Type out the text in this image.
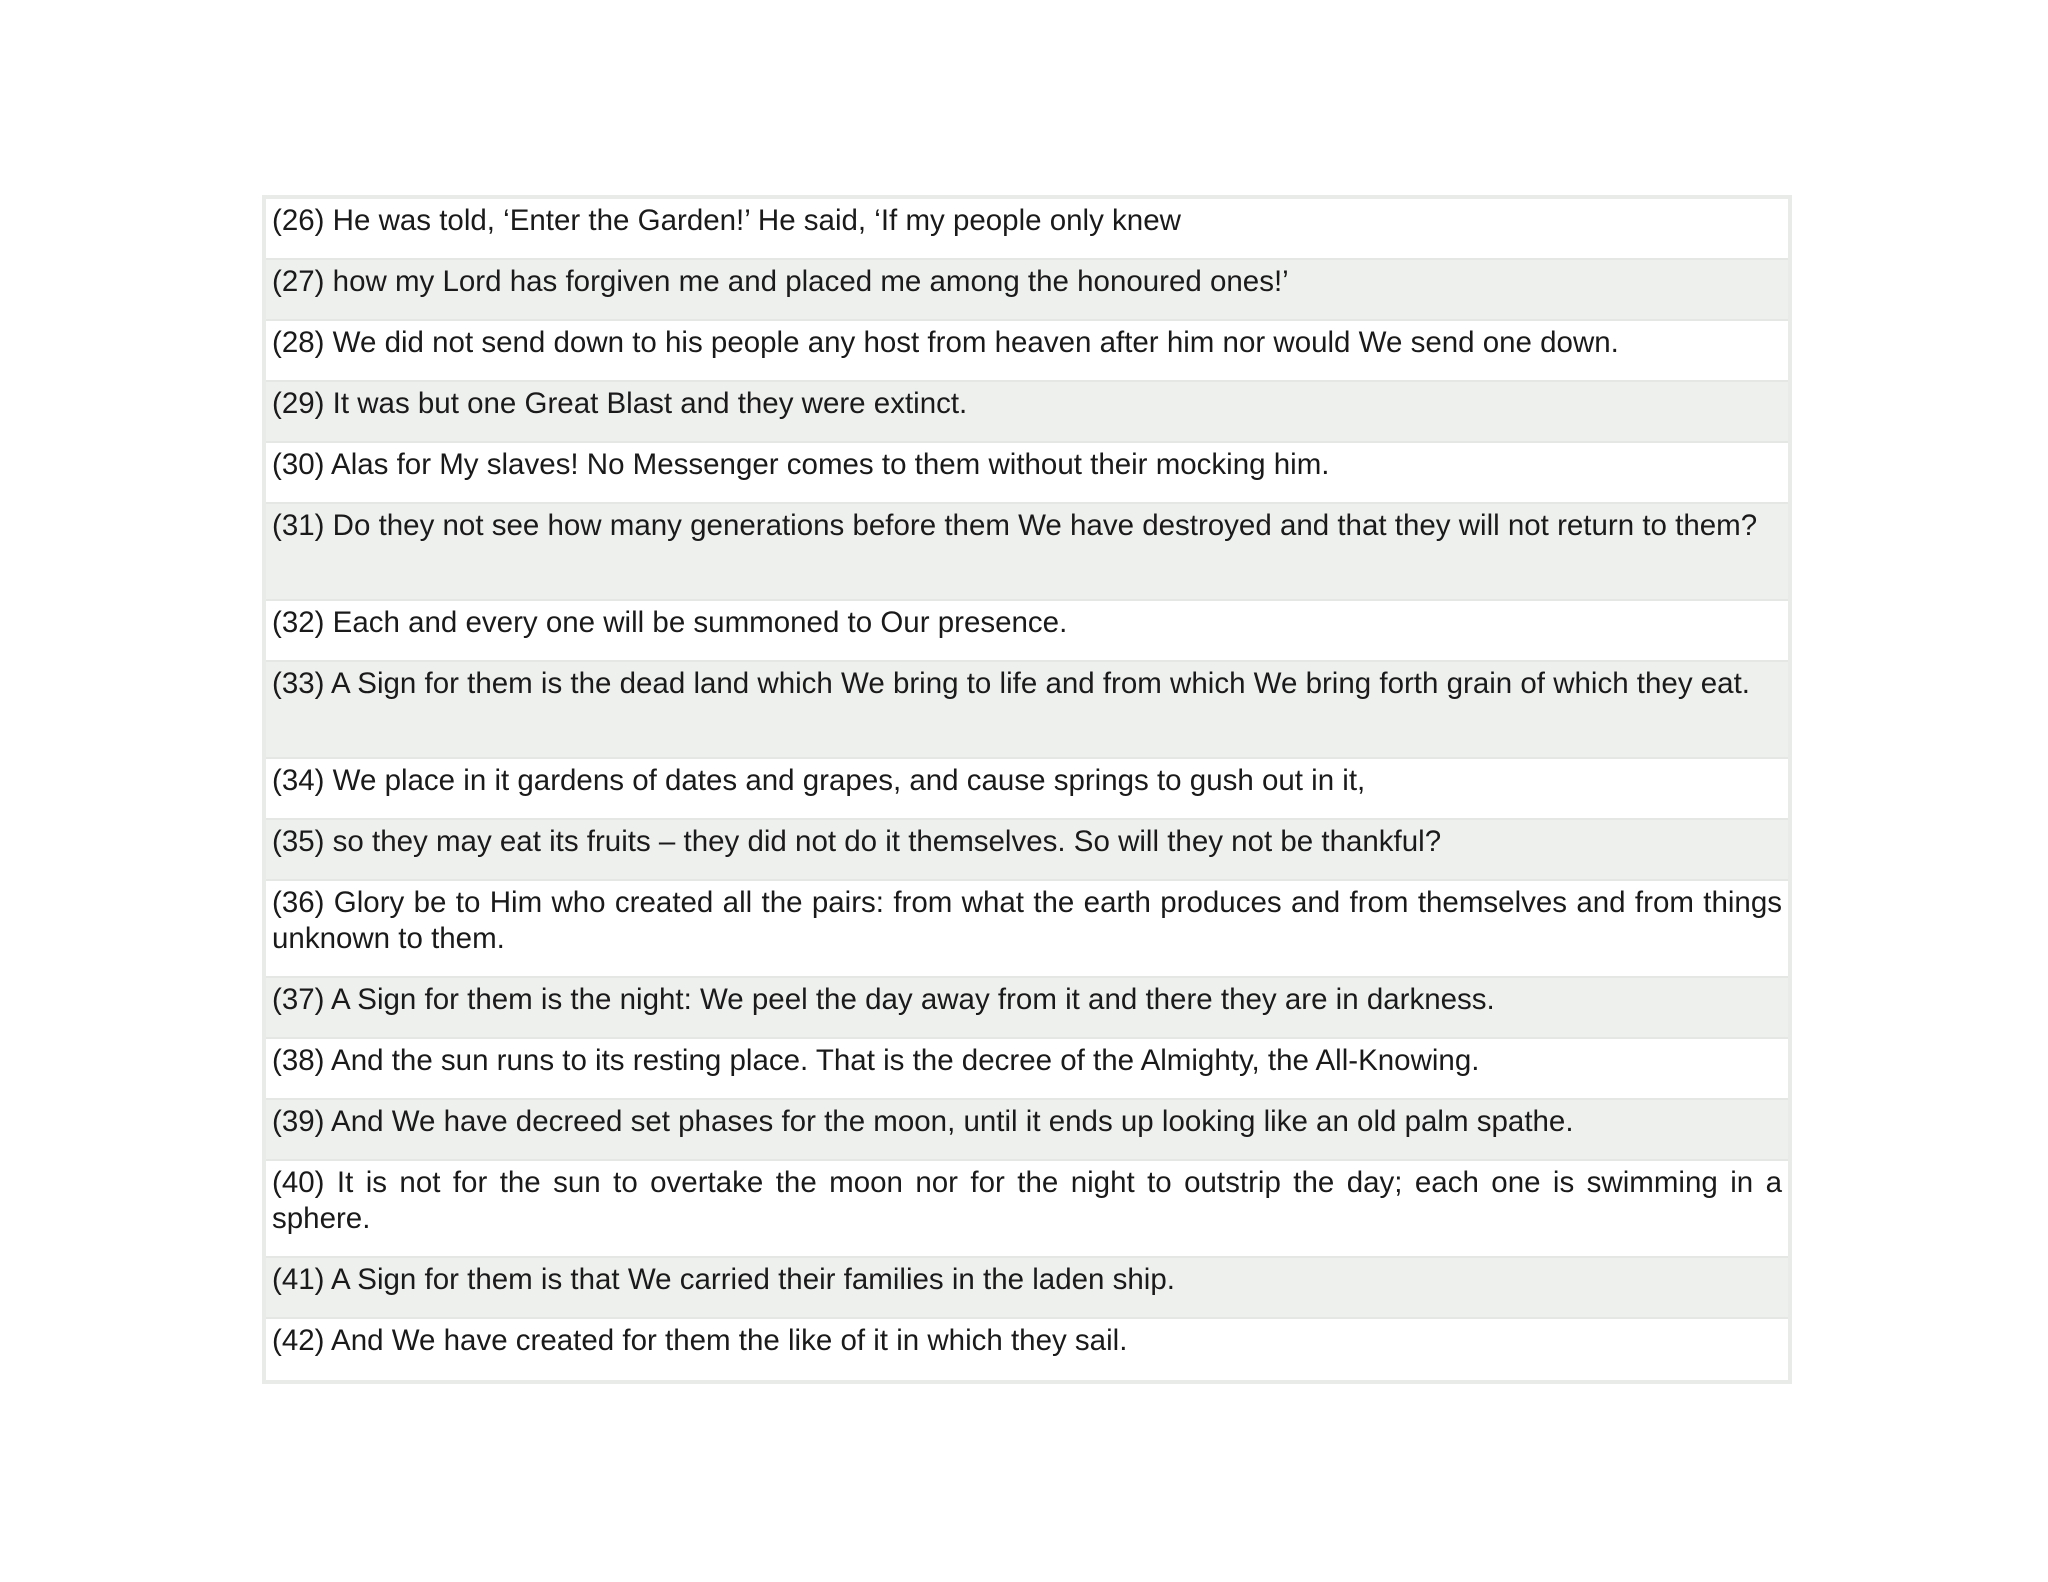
(26) He was told, ‘Enter the Garden!’ He said, ‘If my people only knew
(27) how my Lord has forgiven me and placed me among the honoured ones!’
(28) We did not send down to his people any host from heaven after him nor would We send one down.
(29) It was but one Great Blast and they were extinct.
(30) Alas for My slaves! No Messenger comes to them without their mocking him.
(31) Do they not see how many generations before them We have destroyed and that they will not return to them?
(32) Each and every one will be summoned to Our presence.
(33) A Sign for them is the dead land which We bring to life and from which We bring forth grain of which they eat.
(34) We place in it gardens of dates and grapes, and cause springs to gush out in it,
(35) so they may eat its fruits – they did not do it themselves. So will they not be thankful?
(36) Glory be to Him who created all the pairs: from what the earth produces and from themselves and from things unknown to them.
(37) A Sign for them is the night: We peel the day away from it and there they are in darkness.
(38) And the sun runs to its resting place. That is the decree of the Almighty, the All-Knowing.
(39) And We have decreed set phases for the moon, until it ends up looking like an old palm spathe.
(40) It is not for the sun to overtake the moon nor for the night to outstrip the day; each one is swimming in a sphere.
(41) A Sign for them is that We carried their families in the laden ship.
(42) And We have created for them the like of it in which they sail.
